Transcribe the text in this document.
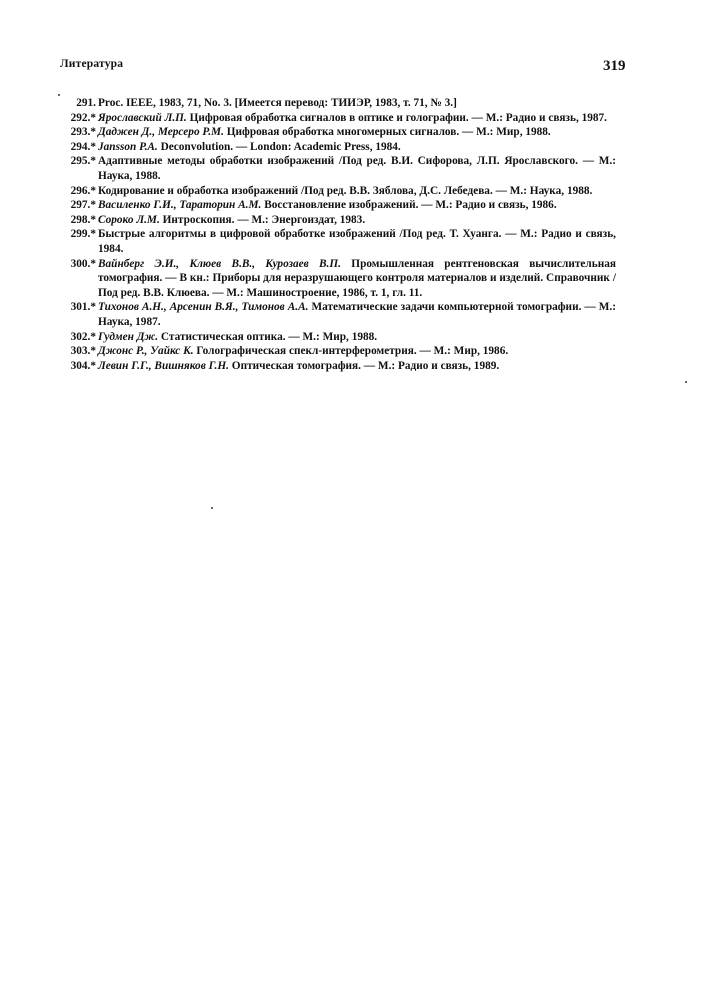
Литература	319

291. Proc. IEEE, 1983, 71, No. 3. [Имеется перевод: ТИИЭР, 1983, т. 71, № 3.]

292.* Ярославский Л.П. Цифровая обработка сигналов в оптике и голографии. — М.: Радио и связь, 1987.

293.* Даджен Д., Мерсеро Р.М. Цифровая обработка многомерных сигналов. — М.: Мир, 1988.

294.* Jansson P.A. Deconvolution. — London: Academic Press, 1984.

295.* Адаптивные методы обработки изображений /Под ред. В.И. Сифорова, Л.П. Ярославского. — М.: Наука, 1988.

296.* Кодирование и обработка изображений /Под ред. В.В. Зяблова, Д.С. Лебедева. — М.: Наука, 1988.

297.* Василенко Г.И., Тараторин А.М. Восстановление изображений. — М.: Радио и связь, 1986.

298.* Сороко Л.М. Интроскопия. — М.: Энергоиздат, 1983.

299.* Быстрые алгоритмы в цифровой обработке изображений /Под ред. Т. Хуанга. — М.: Радио и связь, 1984.

300.* Вайнберг Э.И., Клюев В.В., Курозаев В.П. Промышленная рентгеновская вычислительная томография. — В кн.: Приборы для неразрушающего контроля материалов и изделий. Справочник /Под ред. В.В. Клюева. — М.: Машиностроение, 1986, т. 1, гл. 11.

301.* Тихонов А.Н., Арсенин В.Я., Тимонов А.А. Математические задачи компьютерной томографии. — М.: Наука, 1987.

302.* Гудмен Дж. Статистическая оптика. — М.: Мир, 1988.

303.* Джонс Р., Уайкс К. Голографическая спекл-интерферометрия. — М.: Мир, 1986.

304.* Левин Г.Г., Вишняков Г.Н. Оптическая томография. — М.: Радио и связь, 1989.
